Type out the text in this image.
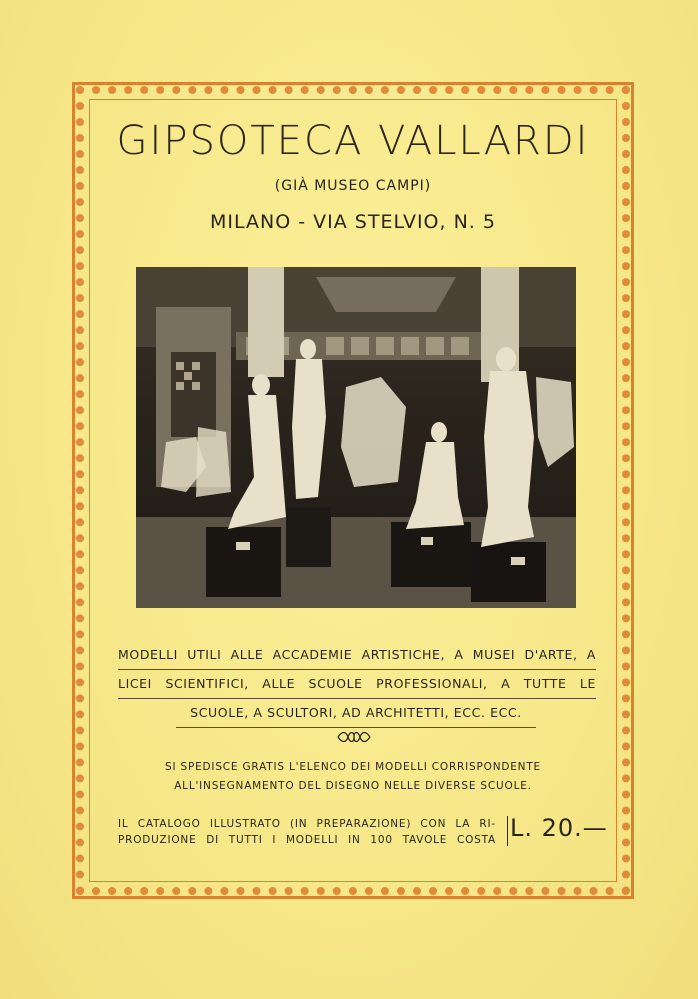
GIPSOTECA VALLARDI
(GIÀ MUSEO CAMPI)
MILANO - VIA STELVIO, N. 5
MODELLI UTILI ALLE ACCADEMIE ARTISTICHE, A MUSEI D'ARTE, A
LICEI SCIENTIFICI, ALLE SCUOLE PROFESSIONALI, A TUTTE LE
SCUOLE, A SCULTORI, AD ARCHITETTI, ECC. ECC.
SI SPEDISCE GRATIS L'ELENCO DEI MODELLI CORRISPONDENTE
ALL'INSEGNAMENTO DEL DISEGNO NELLE DIVERSE SCUOLE.
IL CATALOGO ILLUSTRATO (IN PREPARAZIONE) CON LA RI-
PRODUZIONE DI TUTTI I MODELLI IN 100 TAVOLE COSTA L. 20.—
